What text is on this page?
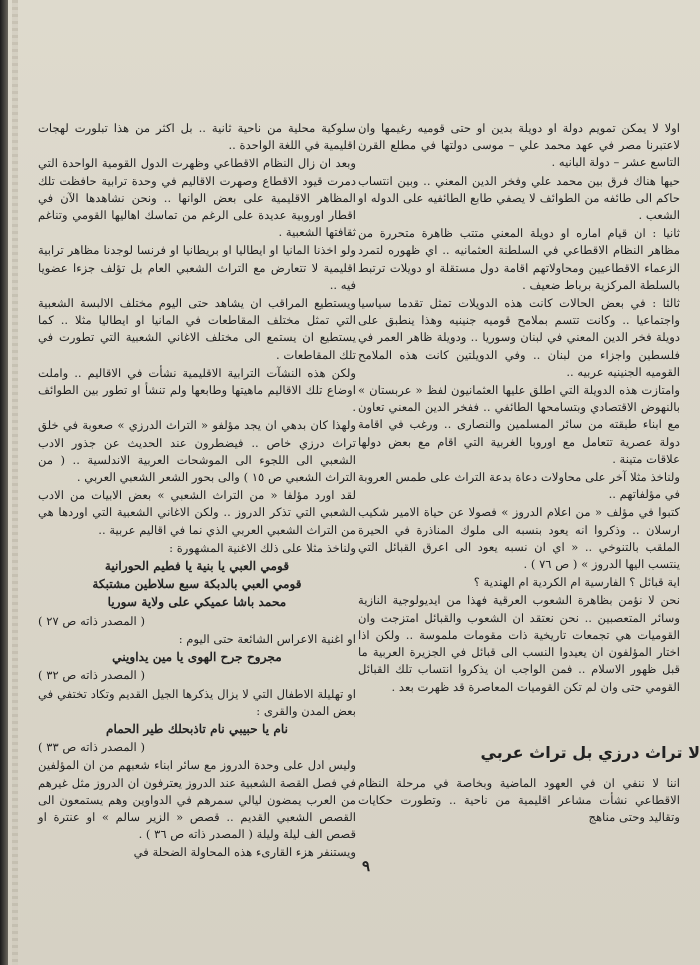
اولا لا يمكن تمويم دولة او دويلة بدين او حتى قوميه رغيمها وان لاعتبرنا مصر في عهد محمد علي – موسى دولتها في مطلع القرن التاسع عشر – دولة البانيه .

حيها هناك فرق بين محمد علي وفخر الدين المعني .. وبين انتساب حاكم الى طائفه من الطوائف لا يصفي طابع الطائفيه على الدوله او الشعب .

ثانيا : ان قيام اماره او دويلة المعني متتب ظاهرة متحررة من مظاهر النظام الاقطاعي في السلطنة العثمانيه .. اي ظهوره لتمرد الزعماء الاقطاعيين ومحاولاتهم اقامة دول مستقلة او دويلات ترتبط بالسلطة المركزية برباط ضعيف .

ثالثا : في بعض الحالات كانت هذه الدويلات تمثل تقدما سياسيا واجتماعيا .. وكانت تتسم بملامح قوميه جنينيه وهذا ينطبق على دويلة فخر الدين المعني في لبنان وسوريا .. ودويلة ظاهر العمر في فلسطين واجزاء من لبنان .. وفي الدويلتين كانت هذه الملامح القوميه الجنينيه عربيه ..

وامتازت هذه الدويلة التي اطلق عليها العثمانيون لفظ « عربستان » بالنهوض الاقتصادي وبتسامحها الطائفي .. ففخر الدين المعني تعاون مع ابناء طبقته من سائر المسلمين والنصارى .. ورغب في اقامة دولة عصرية تتعامل مع اوروبا الغربية التي اقام مع بعض دولها علاقات متينة .

ولناخذ مثلا آخر على محاولات دعاة بدعة التراث على طمس العروبة في مؤلفاتهم ..

كتبوا في مؤلف « من اعلام الدروز » فصولا عن حياة الامير شكيب ارسلان .. وذكروا انه يعود بنسبه الى ملوك المناذرة في الحيرة الملقب بالتنوخي .. « اي ان نسبه يعود الى اعرق القبائل التي ينتسب اليها الدروز » ( ص ٧٦ ) .

اية قبائل ؟ الفارسية ام الكردية ام الهندية ؟

نحن لا نؤمن بظاهرة الشعوب العرقية فهذا من ايديولوجية النازية وسائر المتعصبين .. نحن نعتقد ان الشعوب والقبائل امتزجت وان القوميات هي تجمعات تاريخية ذات مقومات ملموسة .. ولكن اذا اختار المؤلفون ان يعيدوا النسب الى قبائل في الجزيرة العربية ما قبل ظهور الاسلام .. فمن الواجب ان يذكروا انتساب تلك القبائل القومي حتى وان لم تكن القوميات المعاصرة قد ظهرت بعد .

لا تراث درزي بل تراث عربي

اننا لا ننفي ان في العهود الماضية وبخاصة في مرحلة النظام الاقطاعي نشأت مشاعر اقليمية من ناحية .. وتطورت حكايات وتقاليد وحتى مناهج

سلوكية محلية من ناحية ثانية .. بل اكثر من هذا تبلورت لهجات اقليمية في اللغة الواحدة ..

وبعد ان زال النظام الاقطاعي وظهرت الدول القومية الواحدة التي دمرت قيود الاقطاع وصهرت الاقاليم في وحدة ترابية حافظت تلك المظاهر الاقليمية على بعض الوانها .. ونحن نشاهدها الآن في اقطار اوروبية عديدة على الرغم من تماسك اهاليها القومي وتناغم ثقافتها الشعبية .

ولو اخذنا المانيا او ايطاليا او بريطانيا او فرنسا لوجدنا مظاهر ترابية اقليمية لا تتعارض مع التراث الشعبي العام بل تؤلف جزءا عضويا فيه ..

ويستطيع المراقب ان يشاهد حتى اليوم مختلف الالبسة الشعبية التي تمثل مختلف المقاطعات في المانيا او ايطاليا مثلا .. كما يستطيع ان يستمع الى مختلف الاغاني الشعبية التي تطورت في تلك المقاطعات .

ولكن هذه النشآت الترابية الاقليمية نشأت في الاقاليم .. واملت اوضاع تلك الاقاليم ماهيتها وطابعها ولم تنشأ او تطور بين الطوائف .

ولهذا كان بدهي ان يجد مؤلفو « التراث الدرزي » صعوبة في خلق تراث درزي خاص .. فيضطرون عند الحديث عن جذور الادب الشعبي الى اللجوء الى الموشحات العربية الاندلسية .. ( من التراث الشعبي ص ١٥ ) والى بحور الشعر الشعبي العربي .

لقد اورد مؤلفا « من التراث الشعبي » بعض الابيات من الادب الشعبي التي تذكر الدروز .. ولكن الاغاني الشعبية التي اوردها هي من التراث الشعبي العربي الذي نما في اقاليم عربية ..

ولناخذ مثلا على ذلك الاغنية المشهورة :

قومي العبي يا بنية يا فطيم الحورانية

قومي العبي بالدبكة سبع سلاطين مشتبكة

محمد باشا عميكي على ولاية سوريا

( المصدر ذاته ص ٢٧ )

او اغنية الاعراس الشائعة حتى اليوم :

مجروح جرح الهوى يا مين يداويني

( المصدر ذاته ص ٣٢ )

او تهليلة الاطفال التي لا يزال يذكرها الجيل القديم وتكاد تختفي في بعض المدن والقرى :

نام يا حبيبي نام تاذبحلك طير الحمام

( المصدر ذاته ص ٣٣ )

وليس ادل على وحدة الدروز مع سائر ابناء شعبهم من ان المؤلفين في فصل القصة الشعبية عند الدروز يعترفون ان الدروز مثل غيرهم من العرب يمضون ليالي سمرهم في الدواوين وهم يستمعون الى القصص الشعبي القديم .. قصص « الزير سالم » او عنترة او قصص الف ليلة وليلة ( المصدر ذاته ص ٣٦ ) .

ويستنفر هزء القارىء هذه المحاولة الضحلة في

٩
